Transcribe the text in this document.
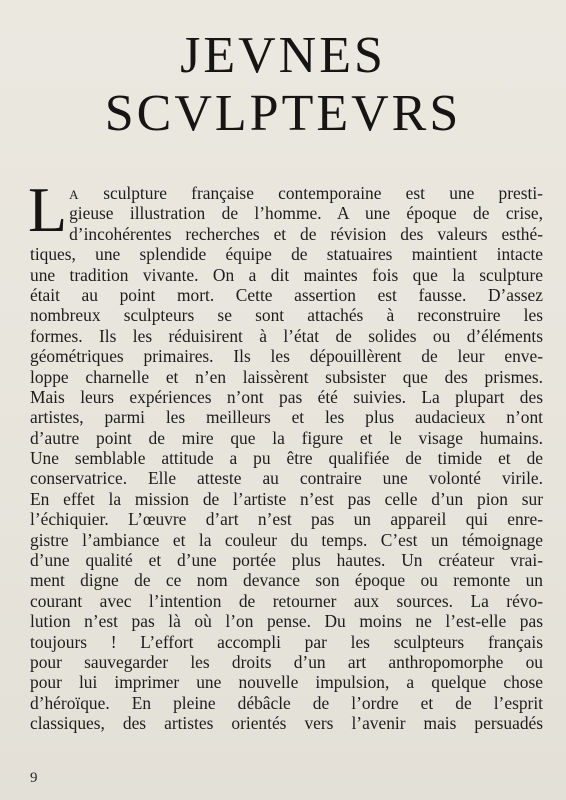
JEVNES
SCVLPTEVRS
L A sculpture française contemporaine est une presti-
gieuse illustration de l’homme. A une époque de crise,
d’incohérentes recherches et de révision des valeurs esthé-
tiques, une splendide équipe de statuaires maintient intacte
une tradition vivante. On a dit maintes fois que la sculpture
était au point mort. Cette assertion est fausse. D’assez
nombreux sculpteurs se sont attachés à reconstruire les
formes. Ils les réduisirent à l’état de solides ou d’éléments
géométriques primaires. Ils les dépouillèrent de leur enve-
loppe charnelle et n’en laissèrent subsister que des prismes.
Mais leurs expériences n’ont pas été suivies. La plupart des
artistes, parmi les meilleurs et les plus audacieux n’ont
d’autre point de mire que la figure et le visage humains.
Une semblable attitude a pu être qualifiée de timide et de
conservatrice. Elle atteste au contraire une volonté virile.
En effet la mission de l’artiste n’est pas celle d’un pion sur
l’échiquier. L’œuvre d’art n’est pas un appareil qui enre-
gistre l’ambiance et la couleur du temps. C’est un témoignage
d’une qualité et d’une portée plus hautes. Un créateur vrai-
ment digne de ce nom devance son époque ou remonte un
courant avec l’intention de retourner aux sources. La révo-
lution n’est pas là où l’on pense. Du moins ne l’est-elle pas
toujours ! L’effort accompli par les sculpteurs français
pour sauvegarder les droits d’un art anthropomorphe ou
pour lui imprimer une nouvelle impulsion, a quelque chose
d’héroïque. En pleine débâcle de l’ordre et de l’esprit
classiques, des artistes orientés vers l’avenir mais persuadés
9
